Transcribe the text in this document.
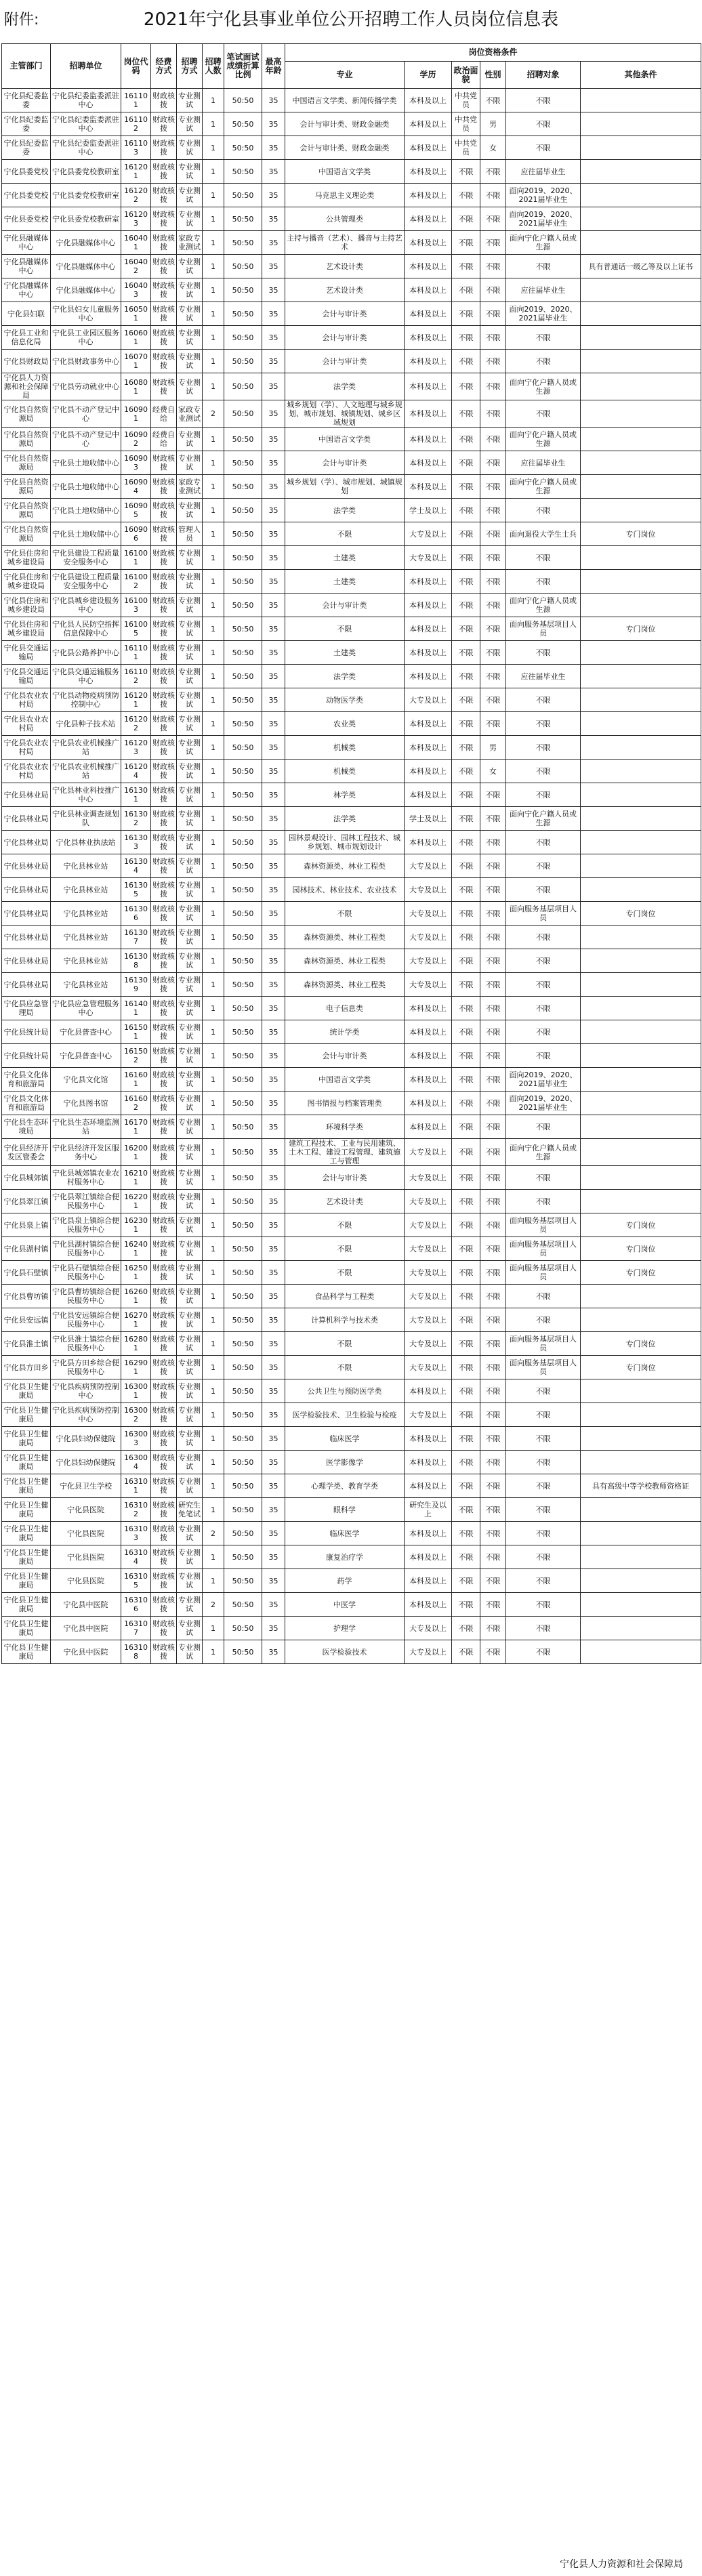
附件:	2021年宁化县事业单位公开招聘工作人员岗位信息表
主管部门	招聘单位	岗位代码	经费方式	招聘方式	招聘人数	笔试面试成绩折算比例	最高年龄	岗位资格条件					
								专业	学历	政治面貌	性别	招聘对象	其他条件
宁化县纪委监委	宁化县纪委监委派驻中心	161101	财政核拨	专业测试	1	50:50	35	中国语言文学类、新闻传播学类	本科及以上	中共党员	不限	不限	
宁化县纪委监委	宁化县纪委监委派驻中心	161102	财政核拨	专业测试	1	50:50	35	会计与审计类、财政金融类	本科及以上	中共党员	男	不限	
宁化县纪委监委	宁化县纪委监委派驻中心	161103	财政核拨	专业测试	1	50:50	35	会计与审计类、财政金融类	本科及以上	中共党员	女	不限	
宁化县委党校	宁化县委党校教研室	161201	财政核拨	专业测试	1	50:50	35	中国语言文学类	本科及以上	不限	不限	应往届毕业生	
宁化县委党校	宁化县委党校教研室	161202	财政核拨	专业测试	1	50:50	35	马克思主义理论类	本科及以上	不限	不限	面向2019、2020、2021届毕业生	
宁化县委党校	宁化县委党校教研室	161203	财政核拨	专业测试	1	50:50	35	公共管理类	本科及以上	不限	不限	面向2019、2020、2021届毕业生	
宁化县融媒体中心	宁化县融媒体中心	160401	财政核拨	家政专业测试	1	50:50	35	主持与播音（艺术）、播音与主持艺术	本科及以上	不限	不限	面向宁化户籍人员或生源	
宁化县融媒体中心	宁化县融媒体中心	160402	财政核拨	专业测试	1	50:50	35	艺术设计类	本科及以上	不限	不限	不限	具有普通话一级乙等及以上证书
宁化县融媒体中心	宁化县融媒体中心	160403	财政核拨	专业测试	1	50:50	35	艺术设计类	本科及以上	不限	不限	应往届毕业生	
宁化县妇联	宁化县妇女儿童服务中心	160501	财政核拨	专业测试	1	50:50	35	会计与审计类	本科及以上	不限	不限	面向2019、2020、2021届毕业生	
宁化县工业和信息化局	宁化县工业园区服务中心	160601	财政核拨	专业测试	1	50:50	35	会计与审计类	本科及以上	不限	不限	不限	
宁化县财政局	宁化县财政事务中心	160701	财政核拨	专业测试	1	50:50	35	会计与审计类	本科及以上	不限	不限	不限	
宁化县人力资源和社会保障局	宁化县劳动就业中心	160801	财政核拨	专业测试	1	50:50	35	法学类	本科及以上	不限	不限	面向宁化户籍人员或生源	
宁化县自然资源局	宁化县不动产登记中心	160901	经费自给	家政专业测试	2	50:50	35	城乡规划（学）、人文地理与城乡规划、城市规划、城镇规划、城乡区域规划	本科及以上	不限	不限	不限	
宁化县自然资源局	宁化县不动产登记中心	160902	经费自给	专业测试	1	50:50	35	中国语言文学类	本科及以上	不限	不限	面向宁化户籍人员或生源	
宁化县自然资源局	宁化县土地收储中心	160903	财政核拨	专业测试	1	50:50	35	会计与审计类	本科及以上	不限	不限	应往届毕业生	
宁化县自然资源局	宁化县土地收储中心	160904	财政核拨	家政专业测试	1	50:50	35	城乡规划（学）、城市规划、城镇规划	本科及以上	不限	不限	面向宁化户籍人员或生源	
宁化县自然资源局	宁化县土地收储中心	160905	财政核拨	专业测试	1	50:50	35	法学类	学士及以上	不限	不限	不限	
宁化县自然资源局	宁化县土地收储中心	160906	财政核拨	管理人员	1	50:50	35	不限	大专及以上	不限	不限	面向退役大学生士兵	专门岗位
宁化县住房和城乡建设局	宁化县建设工程质量安全服务中心	161001	财政核拨	专业测试	1	50:50	35	土建类	大专及以上	不限	不限	不限	
宁化县住房和城乡建设局	宁化县建设工程质量安全服务中心	161002	财政核拨	专业测试	1	50:50	35	土建类	本科及以上	不限	不限	不限	
宁化县住房和城乡建设局	宁化县城乡建设服务中心	161003	财政核拨	专业测试	1	50:50	35	会计与审计类	本科及以上	不限	不限	面向宁化户籍人员或生源	
宁化县住房和城乡建设局	宁化县人民防空指挥信息保障中心	161005	财政核拨	专业测试	1	50:50	35	不限	本科及以上	不限	不限	面向服务基层项目人员	专门岗位
宁化县交通运输局	宁化县公路养护中心	161101	财政核拨	专业测试	1	50:50	35	土建类	本科及以上	不限	不限	不限	
宁化县交通运输局	宁化县交通运输服务中心	161102	财政核拨	专业测试	1	50:50	35	法学类	本科及以上	不限	不限	应往届毕业生	
宁化县农业农村局	宁化县动物疫病预防控制中心	161201	财政核拨	专业测试	1	50:50	35	动物医学类	大专及以上	不限	不限	不限	
宁化县农业农村局	宁化县种子技术站	161202	财政核拨	专业测试	1	50:50	35	农业类	本科及以上	不限	不限	不限	
宁化县农业农村局	宁化县农业机械推广站	161203	财政核拨	专业测试	1	50:50	35	机械类	本科及以上	不限	男	不限	
宁化县农业农村局	宁化县农业机械推广站	161204	财政核拨	专业测试	1	50:50	35	机械类	本科及以上	不限	女	不限	
宁化县林业局	宁化县林业科技推广中心	161301	财政核拨	专业测试	1	50:50	35	林学类	本科及以上	不限	不限	不限	
宁化县林业局	宁化县林业调查规划队	161302	财政核拨	专业测试	1	50:50	35	法学类	学士及以上	不限	不限	面向宁化户籍人员或生源	
宁化县林业局	宁化县林业执法站	161303	财政核拨	专业测试	1	50:50	35	园林景观设计、园林工程技术、城乡规划、城市规划设计	本科及以上	不限	不限	不限	
宁化县林业局	宁化县林业站	161304	财政核拨	专业测试	1	50:50	35	森林资源类、林业工程类	大专及以上	不限	不限	不限	
宁化县林业局	宁化县林业站	161305	财政核拨	专业测试	1	50:50	35	园林技术、林业技术、农业技术	大专及以上	不限	不限	不限	
宁化县林业局	宁化县林业站	161306	财政核拨	专业测试	1	50:50	35	不限	大专及以上	不限	不限	面向服务基层项目人员	专门岗位
宁化县林业局	宁化县林业站	161307	财政核拨	专业测试	1	50:50	35	森林资源类、林业工程类	大专及以上	不限	不限	不限	
宁化县林业局	宁化县林业站	161308	财政核拨	专业测试	1	50:50	35	森林资源类、林业工程类	大专及以上	不限	不限	不限	
宁化县林业局	宁化县林业站	161309	财政核拨	专业测试	1	50:50	35	森林资源类、林业工程类	大专及以上	不限	不限	不限	
宁化县应急管理局	宁化县应急管理服务中心	161401	财政核拨	专业测试	1	50:50	35	电子信息类	本科及以上	不限	不限	不限	
宁化县统计局	宁化县普查中心	161501	财政核拨	专业测试	1	50:50	35	统计学类	本科及以上	不限	不限	不限	
宁化县统计局	宁化县普查中心	161502	财政核拨	专业测试	1	50:50	35	会计与审计类	本科及以上	不限	不限	不限	
宁化县文化体育和旅游局	宁化县文化馆	161601	财政核拨	专业测试	1	50:50	35	中国语言文学类	本科及以上	不限	不限	面向2019、2020、2021届毕业生	
宁化县文化体育和旅游局	宁化县图书馆	161602	财政核拨	专业测试	1	50:50	35	图书情报与档案管理类	本科及以上	不限	不限	面向2019、2020、2021届毕业生	
宁化县生态环境局	宁化县生态环境监测站	161701	财政核拨	专业测试	1	50:50	35	环境科学类	本科及以上	不限	不限	不限	
宁化县经济开发区管委会	宁化县经济开发区服务中心	162001	财政核拨	专业测试	1	50:50	35	建筑工程技术、工业与民用建筑、土木工程、建设工程管理、建筑施工与管理	大专及以上	不限	不限	面向宁化户籍人员或生源	
宁化县城郊镇	宁化县城郊镇农业农村服务中心	162101	财政核拨	专业测试	1	50:50	35	会计与审计类	大专及以上	不限	不限	不限	
宁化县翠江镇	宁化县翠江镇综合便民服务中心	162201	财政核拨	专业测试	1	50:50	35	艺术设计类	大专及以上	不限	不限	不限	
宁化县泉上镇	宁化县泉上镇综合便民服务中心	162301	财政核拨	专业测试	1	50:50	35	不限	大专及以上	不限	不限	面向服务基层项目人员	专门岗位
宁化县湖村镇	宁化县湖村镇综合便民服务中心	162401	财政核拨	专业测试	1	50:50	35	不限	大专及以上	不限	不限	面向服务基层项目人员	专门岗位
宁化县石壁镇	宁化县石壁镇综合便民服务中心	162501	财政核拨	专业测试	1	50:50	35	不限	大专及以上	不限	不限	面向服务基层项目人员	专门岗位
宁化县曹坊镇	宁化县曹坊镇综合便民服务中心	162601	财政核拨	专业测试	1	50:50	35	食品科学与工程类	大专及以上	不限	不限	不限	
宁化县安远镇	宁化县安远镇综合便民服务中心	162701	财政核拨	专业测试	1	50:50	35	计算机科学与技术类	大专及以上	不限	不限	不限	
宁化县淮土镇	宁化县淮土镇综合便民服务中心	162801	财政核拨	专业测试	1	50:50	35	不限	大专及以上	不限	不限	面向服务基层项目人员	专门岗位
宁化县方田乡	宁化县方田乡综合便民服务中心	162901	财政核拨	专业测试	1	50:50	35	不限	大专及以上	不限	不限	面向服务基层项目人员	专门岗位
宁化县卫生健康局	宁化县疾病预防控制中心	163001	财政核拨	专业测试	1	50:50	35	公共卫生与预防医学类	本科及以上	不限	不限	不限	
宁化县卫生健康局	宁化县疾病预防控制中心	163002	财政核拨	专业测试	1	50:50	35	医学检验技术、卫生检验与检疫	大专及以上	不限	不限	不限	
宁化县卫生健康局	宁化县妇幼保健院	163003	财政核拨	专业测试	1	50:50	35	临床医学	本科及以上	不限	不限	不限	
宁化县卫生健康局	宁化县妇幼保健院	163004	财政核拨	专业测试	1	50:50	35	医学影像学	本科及以上	不限	不限	不限	
宁化县卫生健康局	宁化县卫生学校	163101	财政核拨	专业测试	1	50:50	35	心理学类、教育学类	本科及以上	不限	不限	不限	具有高级中等学校教师资格证
宁化县卫生健康局	宁化县医院	163102	财政核拨	研究生免笔试	1	50:50	35	眼科学	研究生及以上	不限	不限	不限	
宁化县卫生健康局	宁化县医院	163103	财政核拨	专业测试	2	50:50	35	临床医学	本科及以上	不限	不限	不限	
宁化县卫生健康局	宁化县医院	163104	财政核拨	专业测试	1	50:50	35	康复治疗学	本科及以上	不限	不限	不限	
宁化县卫生健康局	宁化县医院	163105	财政核拨	专业测试	1	50:50	35	药学	本科及以上	不限	不限	不限	
宁化县卫生健康局	宁化县中医院	163106	财政核拨	专业测试	2	50:50	35	中医学	本科及以上	不限	不限	不限	
宁化县卫生健康局	宁化县中医院	163107	财政核拨	专业测试	1	50:50	35	护理学	大专及以上	不限	不限	不限	
宁化县卫生健康局	宁化县中医院	163108	财政核拨	专业测试	1	50:50	35	医学检验技术	大专及以上	不限	不限	不限	
宁化县人力资源和社会保障局
